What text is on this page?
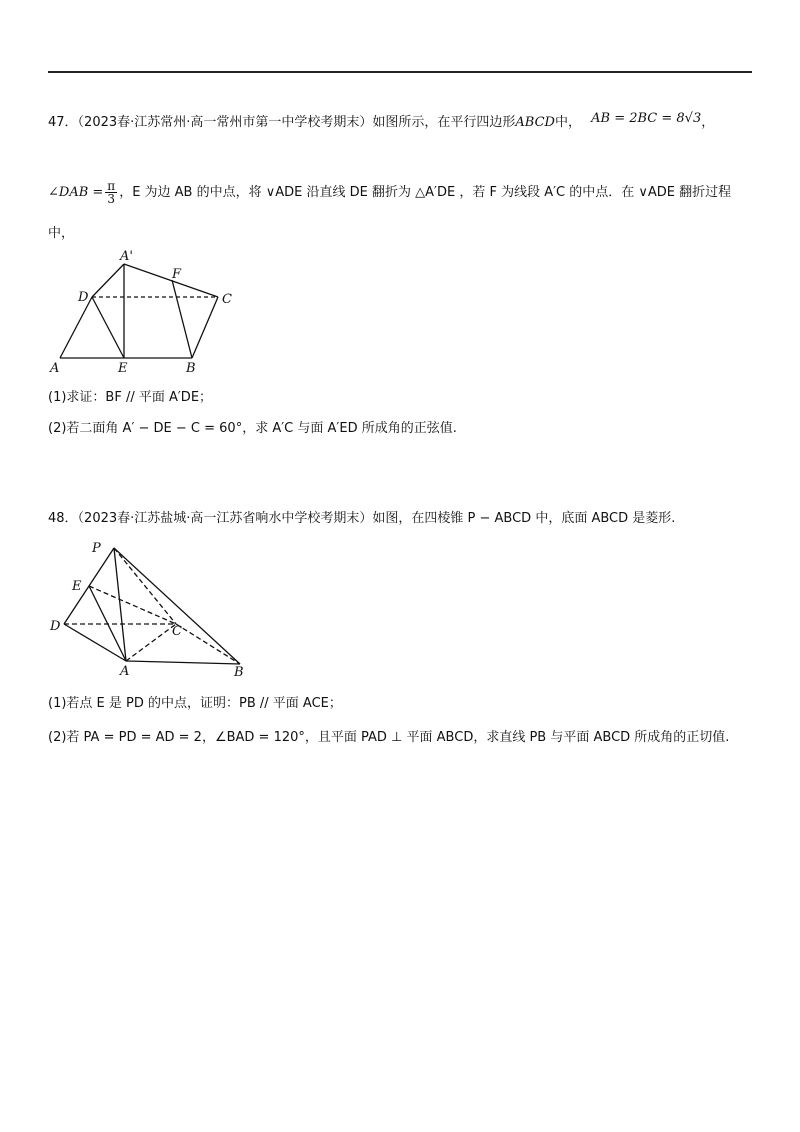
47．（2023春·江苏常州·高一常州市第一中学校考期末）如图所示，在平行四边形ABCD中， AB = 2BC = 8√3，
∠DAB = $\frac{\pi}{3}$ ，E 为边 AB 的中点，将 ∨ADE 沿直线 DE 翻折为 △A′DE ，若 F 为线段 A′C 的中点．在 ∨ADE 翻折过程
中，
A'
F
D	C
A	E	B
(1)求证：BF // 平面 A′DE；
(2)若二面角 A′ − DE − C = 60°，求 A′C 与面 A′ED 所成角的正弦值.
48．（2023春·江苏盐城·高一江苏省响水中学校考期末）如图，在四棱锥 P − ABCD 中，底面 ABCD 是菱形.
P
E
D	C
A	B
(1)若点 E 是 PD 的中点，证明：PB // 平面 ACE；
(2)若 PA = PD = AD = 2，∠BAD = 120°，且平面 PAD ⊥ 平面 ABCD，求直线 PB 与平面 ABCD 所成角的正切值.
